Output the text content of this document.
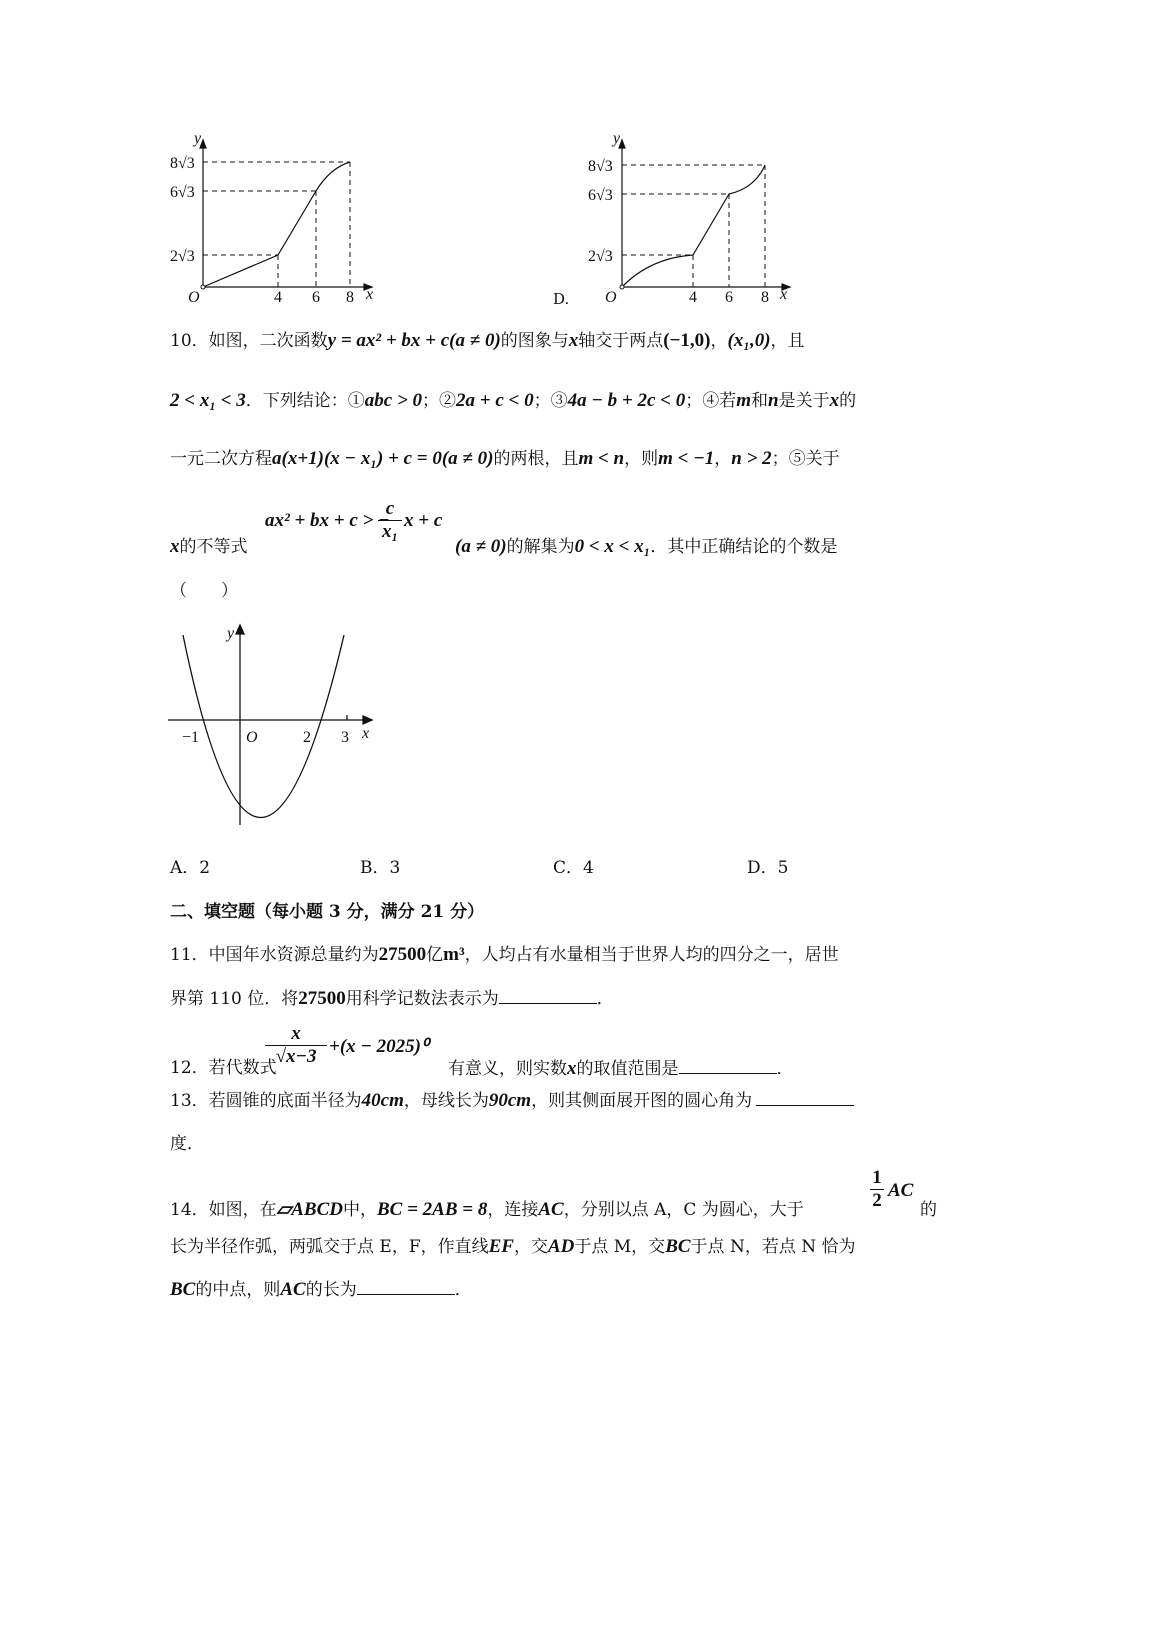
y
x
O
8√3
6√3
2√3
4 6 8	D.
y
x
O
8√3
6√3
2√3
4 6 8
10．如图，二次函数y = ax² + bx + c(a ≠ 0)的图象与x轴交于两点(−1,0)，(x₁,0)，且
2 < x₁ < 3．下列结论：①abc > 0；②2a + c < 0；③4a − b + 2c < 0；④若m和n是关于x的
一元二次方程a(x+1)(x − x₁) + c = 0(a ≠ 0)的两根，且m < n，则m < −1，n > 2；⑤关于
x的不等式
ax² + bx + c > −
$\frac{c}{\text{x₁}}$ x + c
(a ≠ 0)的解集为0 < x < x₁．其中正确结论的个数是
（　　）
y
x
O
−1	2 3
A．2	B．3	C．4	D．5
二、填空题（每小题 3 分，满分 21 分）
11．中国年水资源总量约为27500亿m³，人均占有水量相当于世界人均的四分之一，居世
界第 110 位．将27500用科学记数法表示为	．
12．若代数式
$\frac{x}{√x-3} +(x - 2025)^0$
有意义，则实数x的取值范围是	．
13．若圆锥的底面半径为40cm，母线长为90cm，则其侧面展开图的圆心角为
度．
14．如图，在▱ABCD中，BC = 2AB = 8，连接AC，分别以点 A，C 为圆心，大于	$\frac{1}{2}$ AC
的
长为半径作弧，两弧交于点 E，F，作直线EF，交AD于点 M，交BC于点 N，若点 N 恰为
BC的中点，则AC的长为	．
